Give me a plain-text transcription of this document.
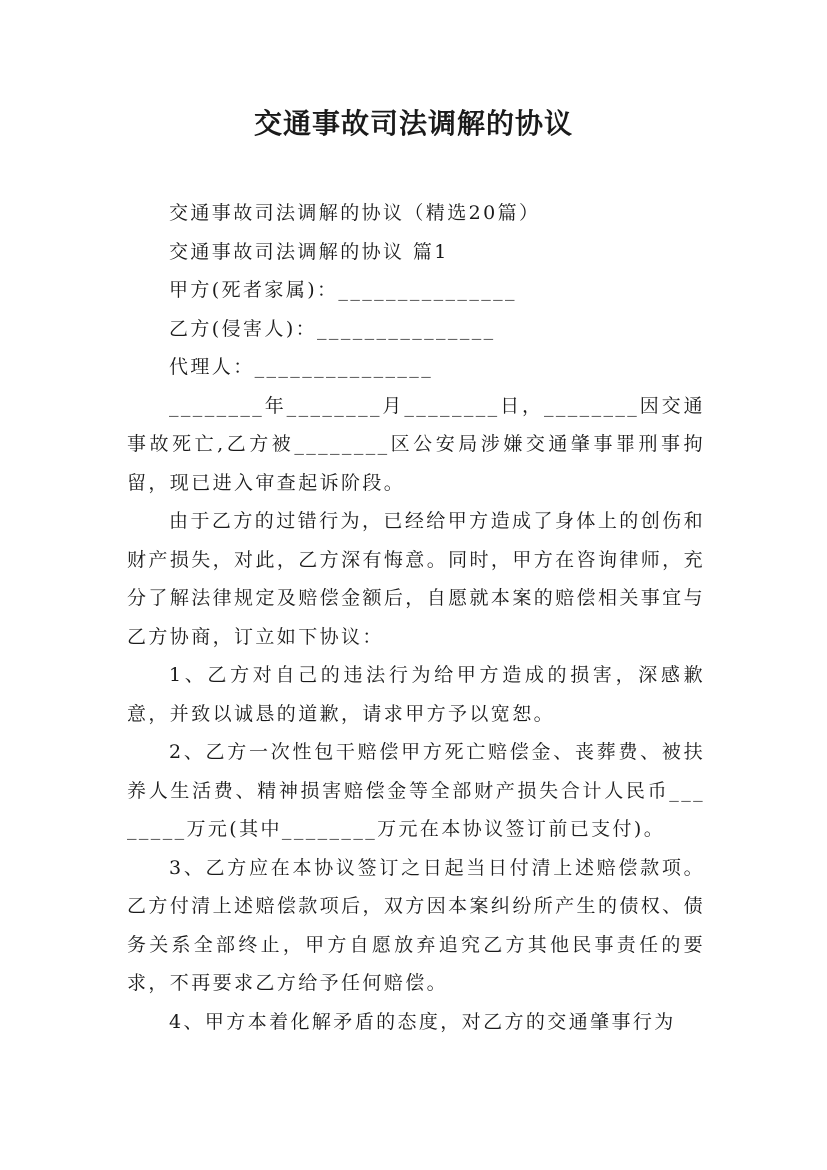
交通事故司法调解的协议

交通事故司法调解的协议（精选20篇）

交通事故司法调解的协议 篇1

甲方(死者家属)：_______________

乙方(侵害人)：_______________

代理人：_______________

________年________月________日，________因交通事故死亡,乙方被________区公安局涉嫌交通肇事罪刑事拘留，现已进入审查起诉阶段。

由于乙方的过错行为，已经给甲方造成了身体上的创伤和财产损失，对此，乙方深有悔意。同时，甲方在咨询律师，充分了解法律规定及赔偿金额后，自愿就本案的赔偿相关事宜与乙方协商，订立如下协议：

1、乙方对自己的违法行为给甲方造成的损害，深感歉意，并致以诚恳的道歉，请求甲方予以宽恕。

2、乙方一次性包干赔偿甲方死亡赔偿金、丧葬费、被扶养人生活费、精神损害赔偿金等全部财产损失合计人民币________万元(其中________万元在本协议签订前已支付)。

3、乙方应在本协议签订之日起当日付清上述赔偿款项。乙方付清上述赔偿款项后，双方因本案纠纷所产生的债权、债务关系全部终止，甲方自愿放弃追究乙方其他民事责任的要求，不再要求乙方给予任何赔偿。

4、甲方本着化解矛盾的态度，对乙方的交通肇事行为
